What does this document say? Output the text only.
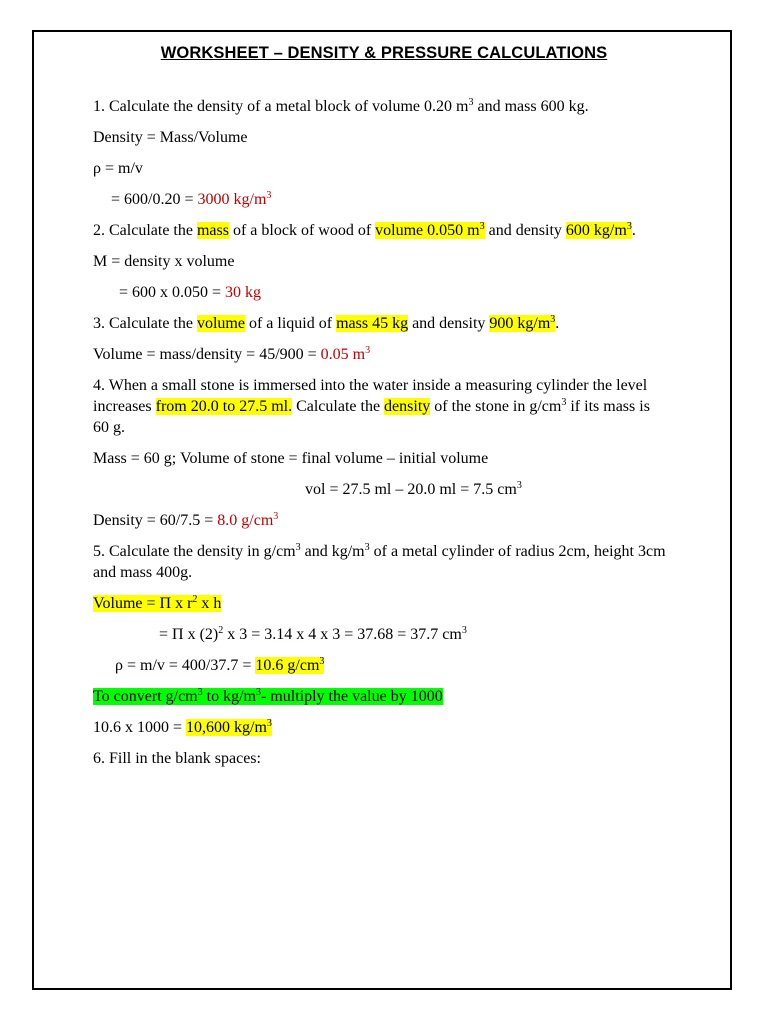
WORKSHEET – DENSITY & PRESSURE CALCULATIONS

1. Calculate the density of a metal block of volume 0.20 $m^3$ and mass 600 kg.

Density = Mass/Volume

ρ = m/v

= 600/0.20 = 3000 $kg/m^3$

2. Calculate the mass of a block of wood of volume 0.050 $m^3$ and density 600 $kg/m^3$.

M = density x volume

= 600 x 0.050 = 30 kg

3. Calculate the volume of a liquid of mass 45 kg and density 900 $kg/m^3$.

Volume = mass/density = 45/900 = 0.05 $m^3$

4. When a small stone is immersed into the water inside a measuring cylinder the level increases from 20.0 to 27.5 ml. Calculate the density of the stone in $g/cm^3$ if its mass is 60 g.

Mass = 60 g; Volume of stone = final volume – initial volume

vol = 27.5 ml – 20.0 ml = 7.5 $cm^3$

Density = 60/7.5 = 8.0 $g/cm^3$

5. Calculate the density in $g/cm^3$ and $kg/m^3$ of a metal cylinder of radius 2cm, height 3cm and mass 400g.

Volume = Π x $r^2$ x h

= Π x $(2)^2$ x 3 = 3.14 x 4 x 3 = 37.68 = 37.7 $cm^3$

ρ = m/v = 400/37.7 = 10.6 $g/cm^3$

To convert $g/cm^3$ to $kg/m^3-$ multiply the value by 1000

10.6 x 1000 = 10,600 $kg/m^3$

6. Fill in the blank spaces:
